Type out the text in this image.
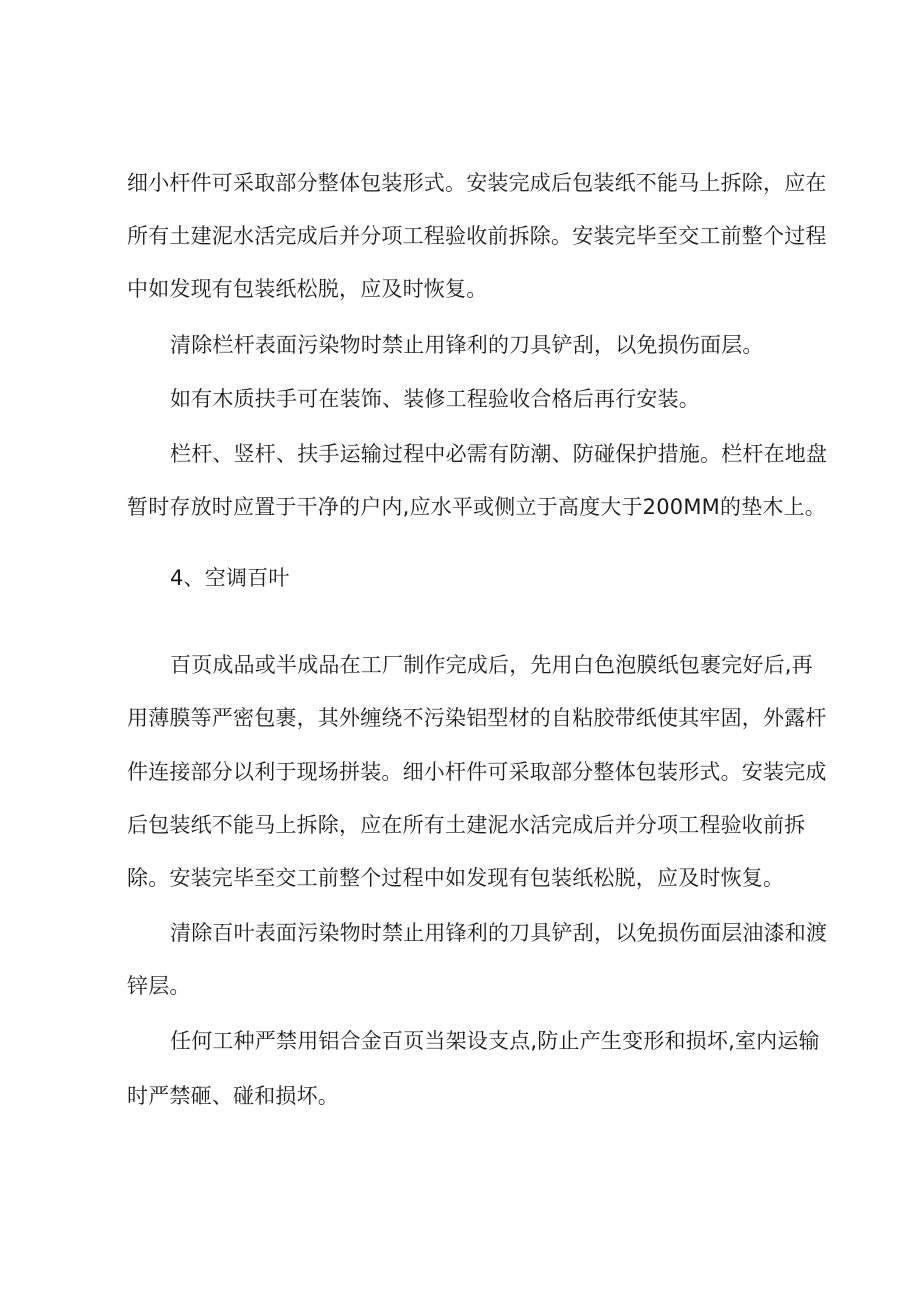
细小杆件可采取部分整体包装形式。安装完成后包装纸不能马上拆除，应在
所有土建泥水活完成后并分项工程验收前拆除。安装完毕至交工前整个过程
中如发现有包装纸松脱，应及时恢复。
清除栏杆表面污染物时禁止用锋利的刀具铲刮，以免损伤面层。
如有木质扶手可在装饰、装修工程验收合格后再行安装。
栏杆、竖杆、扶手运输过程中必需有防潮、防碰保护措施。栏杆在地盘
暂时存放时应置于干净的户内,应水平或侧立于高度大于200MM的垫木上。
4、空调百叶
百页成品或半成品在工厂制作完成后，先用白色泡膜纸包裹完好后,再
用薄膜等严密包裹，其外缠绕不污染铝型材的自粘胶带纸使其牢固，外露杆
件连接部分以利于现场拼装。细小杆件可采取部分整体包装形式。安装完成
后包装纸不能马上拆除，应在所有土建泥水活完成后并分项工程验收前拆
除。安装完毕至交工前整个过程中如发现有包装纸松脱，应及时恢复。
清除百叶表面污染物时禁止用锋利的刀具铲刮，以免损伤面层油漆和渡
锌层。
任何工种严禁用铝合金百页当架设支点,防止产生变形和损坏,室内运输
时严禁砸、碰和损坏。
